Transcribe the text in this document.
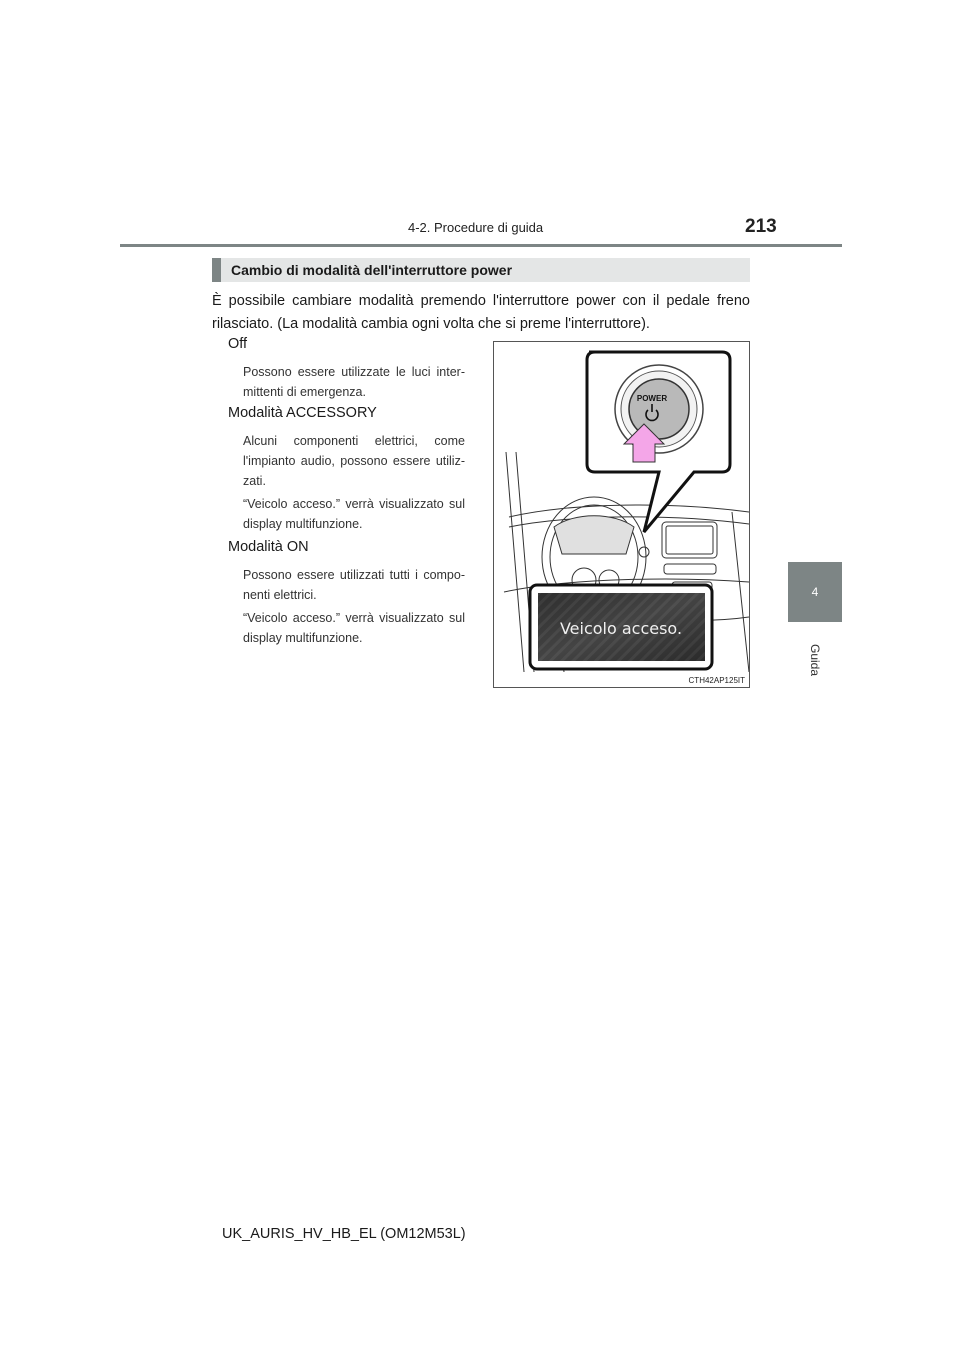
4-2. Procedure di guida	213
4
Guida
Cambio di modalità dell'interruttore power
È possibile cambiare modalità premendo l'interruttore power con il pedale freno rilasciato. (La modalità cambia ogni volta che si preme l'interruttore).
Off
Possono essere utilizzate le luci inter-mittenti di emergenza.
Modalità ACCESSORY
Alcuni componenti elettrici, come l'impianto audio, possono essere utiliz-zati.
“Veicolo acceso.” verrà visualizzato sul display multifunzione.
Modalità ON
Possono essere utilizzati tutti i compo-nenti elettrici.
“Veicolo acceso.” verrà visualizzato sul display multifunzione.
POWER
Veicolo acceso.
CTH42AP125IT
UK_AURIS_HV_HB_EL (OM12M53L)
